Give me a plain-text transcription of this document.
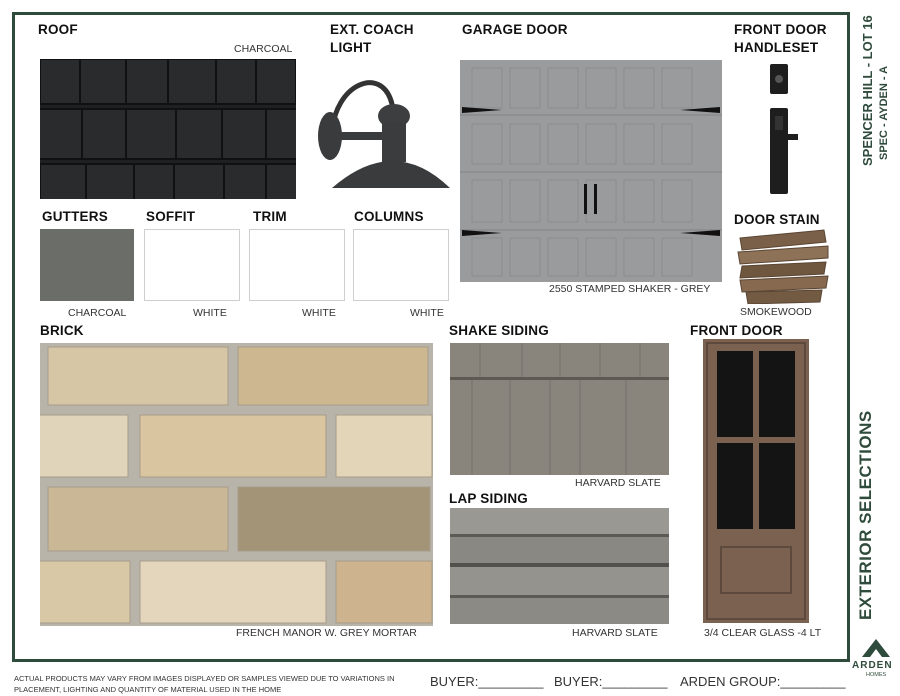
ROOF
CHARCOAL
EXT. COACH
LIGHT
GARAGE DOOR
2550 STAMPED SHAKER - GREY
FRONT DOOR
HANDLESET
DOOR STAIN
SMOKEWOOD
GUTTERS
CHARCOAL
SOFFIT
WHITE
TRIM
WHITE
COLUMNS
WHITE
BRICK
FRENCH MANOR W. GREY MORTAR
SHAKE SIDING
HARVARD SLATE
LAP SIDING
HARVARD SLATE
FRONT DOOR
3/4 CLEAR GLASS -4 LT
SPENCER HILL - LOT 16 SPEC - AYDEN - A
EXTERIOR SELECTIONS
ARDEN
HOMES
ACTUAL PRODUCTS MAY VARY FROM IMAGES DISPLAYED OR SAMPLES VIEWED DUE TO VARIATIONS IN
PLACEMENT, LIGHTING AND QUANTITY OF MATERIAL USED IN THE HOME
BUYER:_________ BUYER:_________ ARDEN GROUP:_________
